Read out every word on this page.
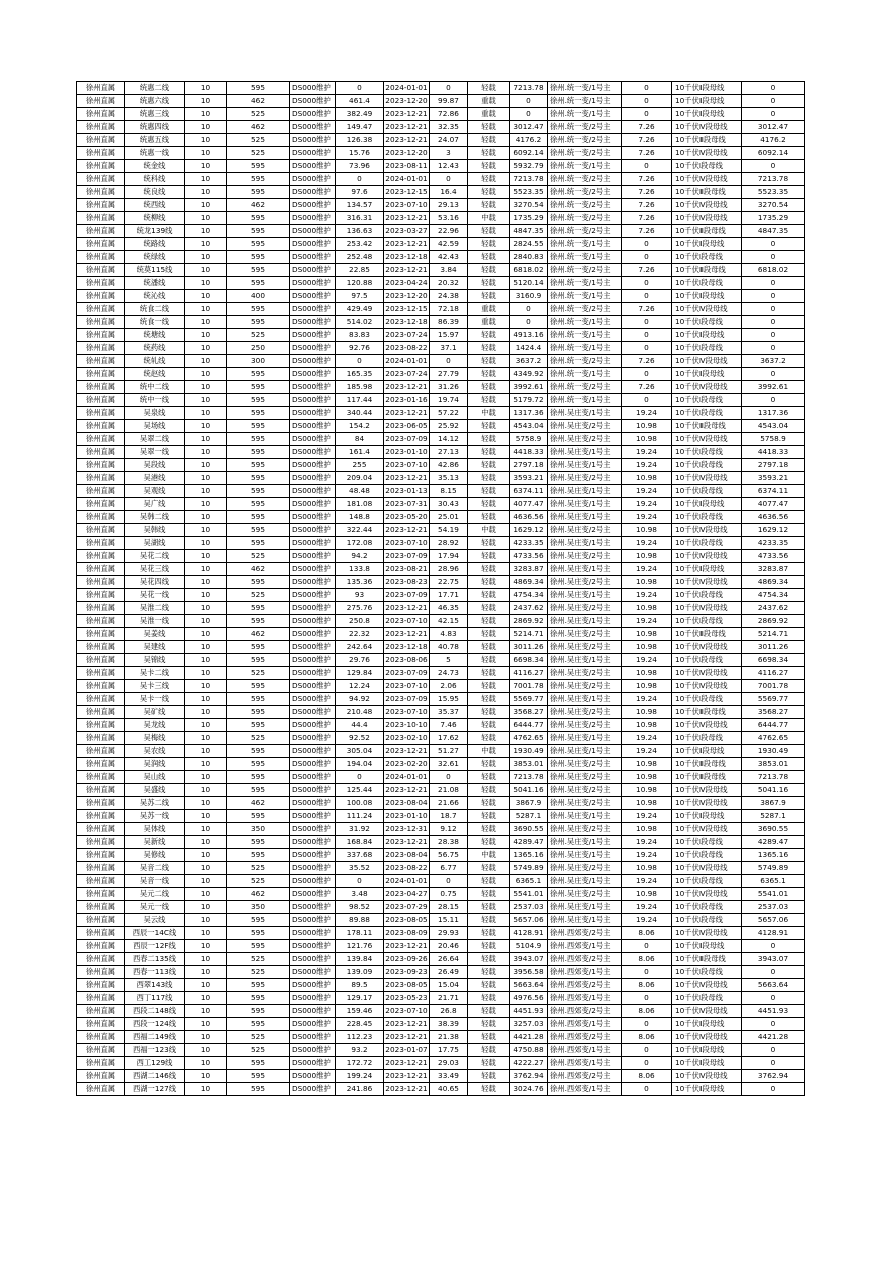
徐州直属	统惠二线	10	595	DS000维护	0	2024-01-01	0	轻载	7213.78	徐州.统一变/1号主	0	10千伏Ⅱ段母线	0
徐州直属	统惠六线	10	462	DS000维护	461.4	2023-12-20	99.87	重载	0	徐州.统一变/1号主	0	10千伏Ⅱ段母线	0
徐州直属	统惠三线	10	525	DS000维护	382.49	2023-12-21	72.86	重载	0	徐州.统一变/1号主	0	10千伏Ⅱ段母线	0
徐州直属	统惠四线	10	462	DS000维护	149.47	2023-12-21	32.35	轻载	3012.47	徐州.统一变/2号主	7.26	10千伏Ⅳ段母线	3012.47
徐州直属	统惠五线	10	525	DS000维护	126.38	2023-12-21	24.07	轻载	4176.2	徐州.统一变/2号主	7.26	10千伏Ⅲ段母线	4176.2
徐州直属	统惠一线	10	525	DS000维护	15.76	2023-12-20	3	轻载	6092.14	徐州.统一变/2号主	7.26	10千伏Ⅳ段母线	6092.14
徐州直属	统金线	10	595	DS000维护	73.96	2023-08-11	12.43	轻载	5932.79	徐州.统一变/1号主	0	10千伏Ⅰ段母线	0
徐州直属	统科线	10	595	DS000维护	0	2024-01-01	0	轻载	7213.78	徐州.统一变/2号主	7.26	10千伏Ⅳ段母线	7213.78
徐州直属	统良线	10	595	DS000维护	97.6	2023-12-15	16.4	轻载	5523.35	徐州.统一变/2号主	7.26	10千伏Ⅲ段母线	5523.35
徐州直属	统西线	10	462	DS000维护	134.57	2023-07-10	29.13	轻载	3270.54	徐州.统一变/2号主	7.26	10千伏Ⅳ段母线	3270.54
徐州直属	统柳线	10	595	DS000维护	316.31	2023-12-21	53.16	中载	1735.29	徐州.统一变/2号主	7.26	10千伏Ⅳ段母线	1735.29
徐州直属	统龙139线	10	595	DS000维护	136.63	2023-03-27	22.96	轻载	4847.35	徐州.统一变/2号主	7.26	10千伏Ⅲ段母线	4847.35
徐州直属	统路线	10	595	DS000维护	253.42	2023-12-21	42.59	轻载	2824.55	徐州.统一变/1号主	0	10千伏Ⅱ段母线	0
徐州直属	统绿线	10	595	DS000维护	252.48	2023-12-18	42.43	轻载	2840.83	徐州.统一变/1号主	0	10千伏Ⅰ段母线	0
徐州直属	统莫115线	10	595	DS000维护	22.85	2023-12-21	3.84	轻载	6818.02	徐州.统一变/2号主	7.26	10千伏Ⅲ段母线	6818.02
徐州直属	统潘线	10	595	DS000维护	120.88	2023-04-24	20.32	轻载	5120.14	徐州.统一变/1号主	0	10千伏Ⅰ段母线	0
徐州直属	统沁线	10	400	DS000维护	97.5	2023-12-20	24.38	轻载	3160.9	徐州.统一变/1号主	0	10千伏Ⅱ段母线	0
徐州直属	统食二线	10	595	DS000维护	429.49	2023-12-15	72.18	重载	0	徐州.统一变/2号主	7.26	10千伏Ⅳ段母线	0
徐州直属	统食一线	10	595	DS000维护	514.02	2023-12-18	86.39	重载	0	徐州.统一变/1号主	0	10千伏Ⅰ段母线	0
徐州直属	统塘线	10	525	DS000维护	83.83	2023-07-24	15.97	轻载	4913.16	徐州.统一变/1号主	0	10千伏Ⅱ段母线	0
徐州直属	统药线	10	250	DS000维护	92.76	2023-08-22	37.1	轻载	1424.4	徐州.统一变/1号主	0	10千伏Ⅰ段母线	0
徐州直属	统轧线	10	300	DS000维护	0	2024-01-01	0	轻载	3637.2	徐州.统一变/2号主	7.26	10千伏Ⅳ段母线	3637.2
徐州直属	统赵线	10	595	DS000维护	165.35	2023-07-24	27.79	轻载	4349.92	徐州.统一变/1号主	0	10千伏Ⅱ段母线	0
徐州直属	统中二线	10	595	DS000维护	185.98	2023-12-21	31.26	轻载	3992.61	徐州.统一变/2号主	7.26	10千伏Ⅳ段母线	3992.61
徐州直属	统中一线	10	595	DS000维护	117.44	2023-01-16	19.74	轻载	5179.72	徐州.统一变/1号主	0	10千伏Ⅰ段母线	0
徐州直属	吴泉线	10	595	DS000维护	340.44	2023-12-21	57.22	中载	1317.36	徐州.吴庄变/1号主	19.24	10千伏Ⅰ段母线	1317.36
徐州直属	吴场线	10	595	DS000维护	154.2	2023-06-05	25.92	轻载	4543.04	徐州.吴庄变/2号主	10.98	10千伏Ⅲ段母线	4543.04
徐州直属	吴翠二线	10	595	DS000维护	84	2023-07-09	14.12	轻载	5758.9	徐州.吴庄变/2号主	10.98	10千伏Ⅳ段母线	5758.9
徐州直属	吴翠一线	10	595	DS000维护	161.4	2023-01-10	27.13	轻载	4418.33	徐州.吴庄变/1号主	19.24	10千伏Ⅰ段母线	4418.33
徐州直属	吴段线	10	595	DS000维护	255	2023-07-10	42.86	轻载	2797.18	徐州.吴庄变/1号主	19.24	10千伏Ⅰ段母线	2797.18
徐州直属	吴港线	10	595	DS000维护	209.04	2023-12-21	35.13	轻载	3593.21	徐州.吴庄变/2号主	10.98	10千伏Ⅳ段母线	3593.21
徐州直属	吴观线	10	595	DS000维护	48.48	2023-01-13	8.15	轻载	6374.11	徐州.吴庄变/1号主	19.24	10千伏Ⅰ段母线	6374.11
徐州直属	吴广线	10	595	DS000维护	181.08	2023-07-31	30.43	轻载	4077.47	徐州.吴庄变/1号主	19.24	10千伏Ⅱ段母线	4077.47
徐州直属	吴韩二线	10	595	DS000维护	148.8	2023-05-20	25.01	轻载	4636.56	徐州.吴庄变/1号主	19.24	10千伏Ⅰ段母线	4636.56
徐州直属	吴韩线	10	595	DS000维护	322.44	2023-12-21	54.19	中载	1629.12	徐州.吴庄变/2号主	10.98	10千伏Ⅳ段母线	1629.12
徐州直属	吴湖线	10	595	DS000维护	172.08	2023-07-10	28.92	轻载	4233.35	徐州.吴庄变/1号主	19.24	10千伏Ⅰ段母线	4233.35
徐州直属	吴花二线	10	525	DS000维护	94.2	2023-07-09	17.94	轻载	4733.56	徐州.吴庄变/2号主	10.98	10千伏Ⅳ段母线	4733.56
徐州直属	吴花三线	10	462	DS000维护	133.8	2023-08-21	28.96	轻载	3283.87	徐州.吴庄变/1号主	19.24	10千伏Ⅱ段母线	3283.87
徐州直属	吴花四线	10	595	DS000维护	135.36	2023-08-23	22.75	轻载	4869.34	徐州.吴庄变/2号主	10.98	10千伏Ⅳ段母线	4869.34
徐州直属	吴花一线	10	525	DS000维护	93	2023-07-09	17.71	轻载	4754.34	徐州.吴庄变/1号主	19.24	10千伏Ⅰ段母线	4754.34
徐州直属	吴淮二线	10	595	DS000维护	275.76	2023-12-21	46.35	轻载	2437.62	徐州.吴庄变/2号主	10.98	10千伏Ⅳ段母线	2437.62
徐州直属	吴淮一线	10	595	DS000维护	250.8	2023-07-10	42.15	轻载	2869.92	徐州.吴庄变/1号主	19.24	10千伏Ⅰ段母线	2869.92
徐州直属	吴姜线	10	462	DS000维护	22.32	2023-12-21	4.83	轻载	5214.71	徐州.吴庄变/2号主	10.98	10千伏Ⅲ段母线	5214.71
徐州直属	吴建线	10	595	DS000维护	242.64	2023-12-18	40.78	轻载	3011.26	徐州.吴庄变/2号主	10.98	10千伏Ⅳ段母线	3011.26
徐州直属	吴锦线	10	595	DS000维护	29.76	2023-08-06	5	轻载	6698.34	徐州.吴庄变/1号主	19.24	10千伏Ⅰ段母线	6698.34
徐州直属	吴卡二线	10	525	DS000维护	129.84	2023-07-09	24.73	轻载	4116.27	徐州.吴庄变/2号主	10.98	10千伏Ⅳ段母线	4116.27
徐州直属	吴卡三线	10	595	DS000维护	12.24	2023-07-10	2.06	轻载	7001.78	徐州.吴庄变/2号主	10.98	10千伏Ⅳ段母线	7001.78
徐州直属	吴卡一线	10	595	DS000维护	94.92	2023-07-09	15.95	轻载	5569.77	徐州.吴庄变/1号主	19.24	10千伏Ⅰ段母线	5569.77
徐州直属	吴矿线	10	595	DS000维护	210.48	2023-07-10	35.37	轻载	3568.27	徐州.吴庄变/2号主	10.98	10千伏Ⅲ段母线	3568.27
徐州直属	吴龙线	10	595	DS000维护	44.4	2023-10-10	7.46	轻载	6444.77	徐州.吴庄变/2号主	10.98	10千伏Ⅳ段母线	6444.77
徐州直属	吴梅线	10	525	DS000维护	92.52	2023-02-10	17.62	轻载	4762.65	徐州.吴庄变/1号主	19.24	10千伏Ⅰ段母线	4762.65
徐州直属	吴农线	10	595	DS000维护	305.04	2023-12-21	51.27	中载	1930.49	徐州.吴庄变/1号主	19.24	10千伏Ⅱ段母线	1930.49
徐州直属	吴润线	10	595	DS000维护	194.04	2023-02-20	32.61	轻载	3853.01	徐州.吴庄变/2号主	10.98	10千伏Ⅲ段母线	3853.01
徐州直属	吴山线	10	595	DS000维护	0	2024-01-01	0	轻载	7213.78	徐州.吴庄变/2号主	10.98	10千伏Ⅲ段母线	7213.78
徐州直属	吴盛线	10	595	DS000维护	125.44	2023-12-21	21.08	轻载	5041.16	徐州.吴庄变/2号主	10.98	10千伏Ⅳ段母线	5041.16
徐州直属	吴苏二线	10	462	DS000维护	100.08	2023-08-04	21.66	轻载	3867.9	徐州.吴庄变/2号主	10.98	10千伏Ⅳ段母线	3867.9
徐州直属	吴苏一线	10	595	DS000维护	111.24	2023-01-10	18.7	轻载	5287.1	徐州.吴庄变/1号主	19.24	10千伏Ⅱ段母线	5287.1
徐州直属	吴体线	10	350	DS000维护	31.92	2023-12-31	9.12	轻载	3690.55	徐州.吴庄变/2号主	10.98	10千伏Ⅳ段母线	3690.55
徐州直属	吴新线	10	595	DS000维护	168.84	2023-12-21	28.38	轻载	4289.47	徐州.吴庄变/1号主	19.24	10千伏Ⅰ段母线	4289.47
徐州直属	吴修线	10	595	DS000维护	337.68	2023-08-04	56.75	中载	1365.16	徐州.吴庄变/1号主	19.24	10千伏Ⅰ段母线	1365.16
徐州直属	吴音二线	10	525	DS000维护	35.52	2023-08-22	6.77	轻载	5749.89	徐州.吴庄变/2号主	10.98	10千伏Ⅳ段母线	5749.89
徐州直属	吴音一线	10	525	DS000维护	0	2024-01-01	0	轻载	6365.1	徐州.吴庄变/1号主	19.24	10千伏Ⅰ段母线	6365.1
徐州直属	吴元二线	10	462	DS000维护	3.48	2023-04-27	0.75	轻载	5541.01	徐州.吴庄变/2号主	10.98	10千伏Ⅳ段母线	5541.01
徐州直属	吴元一线	10	350	DS000维护	98.52	2023-07-29	28.15	轻载	2537.03	徐州.吴庄变/1号主	19.24	10千伏Ⅰ段母线	2537.03
徐州直属	吴云线	10	595	DS000维护	89.88	2023-08-05	15.11	轻载	5657.06	徐州.吴庄变/1号主	19.24	10千伏Ⅰ段母线	5657.06
徐州直属	西辰一14C线	10	595	DS000维护	178.11	2023-08-09	29.93	轻载	4128.91	徐州.西郊变/2号主	8.06	10千伏Ⅳ段母线	4128.91
徐州直属	西辰一12F线	10	595	DS000维护	121.76	2023-12-21	20.46	轻载	5104.9	徐州.西郊变/1号主	0	10千伏Ⅱ段母线	0
徐州直属	西春二135线	10	525	DS000维护	139.84	2023-09-26	26.64	轻载	3943.07	徐州.西郊变/2号主	8.06	10千伏Ⅲ段母线	3943.07
徐州直属	西春一113线	10	525	DS000维护	139.09	2023-09-23	26.49	轻载	3956.58	徐州.西郊变/1号主	0	10千伏Ⅰ段母线	0
徐州直属	西翠143线	10	595	DS000维护	89.5	2023-08-05	15.04	轻载	5663.64	徐州.西郊变/2号主	8.06	10千伏Ⅳ段母线	5663.64
徐州直属	西丁117线	10	595	DS000维护	129.17	2023-05-23	21.71	轻载	4976.56	徐州.西郊变/1号主	0	10千伏Ⅰ段母线	0
徐州直属	西段二148线	10	595	DS000维护	159.46	2023-07-10	26.8	轻载	4451.93	徐州.西郊变/2号主	8.06	10千伏Ⅳ段母线	4451.93
徐州直属	西段一124线	10	595	DS000维护	228.45	2023-12-21	38.39	轻载	3257.03	徐州.西郊变/1号主	0	10千伏Ⅱ段母线	0
徐州直属	西福二149线	10	525	DS000维护	112.23	2023-12-21	21.38	轻载	4421.28	徐州.西郊变/2号主	8.06	10千伏Ⅳ段母线	4421.28
徐州直属	西福一123线	10	525	DS000维护	93.2	2023-01-07	17.75	轻载	4750.88	徐州.西郊变/1号主	0	10千伏Ⅱ段母线	0
徐州直属	西工129线	10	595	DS000维护	172.72	2023-12-21	29.03	轻载	4222.27	徐州.西郊变/1号主	0	10千伏Ⅱ段母线	0
徐州直属	西湖二146线	10	595	DS000维护	199.24	2023-12-21	33.49	轻载	3762.94	徐州.西郊变/2号主	8.06	10千伏Ⅳ段母线	3762.94
徐州直属	西湖一127线	10	595	DS000维护	241.86	2023-12-21	40.65	轻载	3024.76	徐州.西郊变/1号主	0	10千伏Ⅱ段母线	0
